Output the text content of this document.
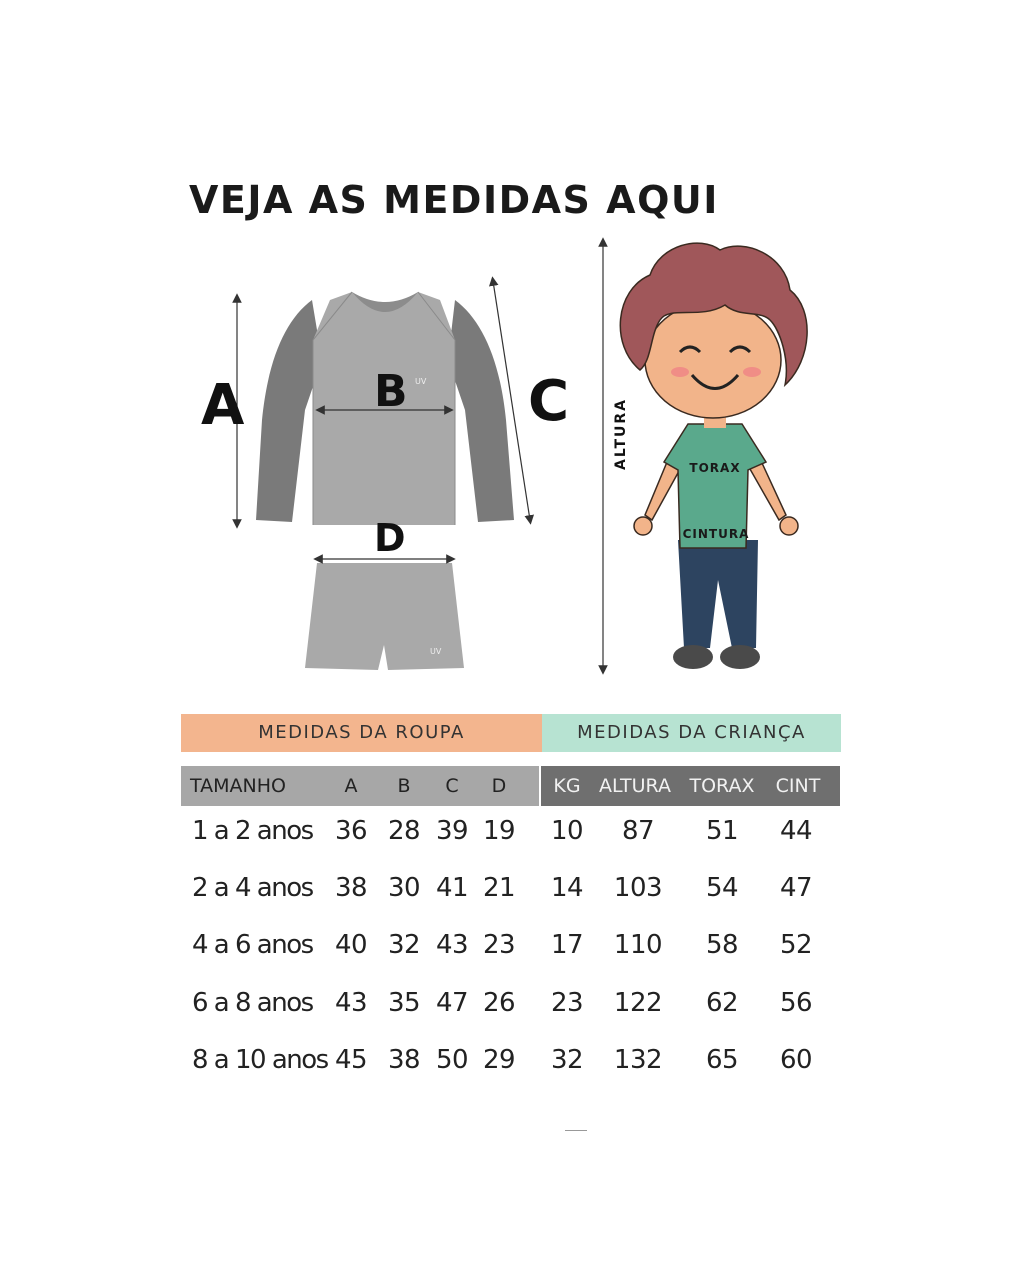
VEJA AS MEDIDAS AQUI
UV
UV
A	B C
D
ALTURA	TORAX
CINTURA
MEDIDAS DA ROUPA	MEDIDAS DA CRIANÇA
TAMANHO	A	B	C	D	KG ALTURA TORAX CINT
1 a 2 anos 36 28 39 19 10	87	51 44
2 a 4 anos 38 30 41 21 14 103 54 47
4 a 6 anos 40 32 43 23 17 110 58 52
6 a 8 anos 43 35 47 26 23 122 62 56
8 a 10 anos 45 38 50 29 32 132 65 60
